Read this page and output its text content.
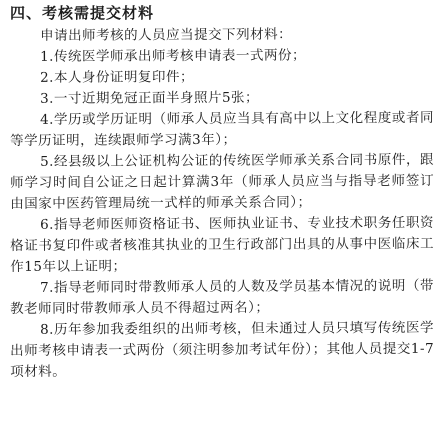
四、考核需提交材料

申请出师考核的人员应当提交下列材料：

1.传统医学师承出师考核申请表一式两份；

2.本人身份证明复印件；

3.一寸近期免冠正面半身照片5张；

4.学历或学历证明（师承人员应当具有高中以上文化程度或者同等学历证明，连续跟师学习满3年）；

5.经县级以上公证机构公证的传统医学师承关系合同书原件，跟师学习时间自公证之日起计算满3年（师承人员应当与指导老师签订由国家中医药管理局统一式样的师承关系合同）；

6.指导老师医师资格证书、医师执业证书、专业技术职务任职资格证书复印件或者核准其执业的卫生行政部门出具的从事中医临床工作15年以上证明；

7.指导老师同时带教师承人员的人数及学员基本情况的说明（带教老师同时带教师承人员不得超过两名）；

8.历年参加我委组织的出师考核，但未通过人员只填写传统医学出师考核申请表一式两份（须注明参加考试年份）；其他人员提交1-7项材料。
